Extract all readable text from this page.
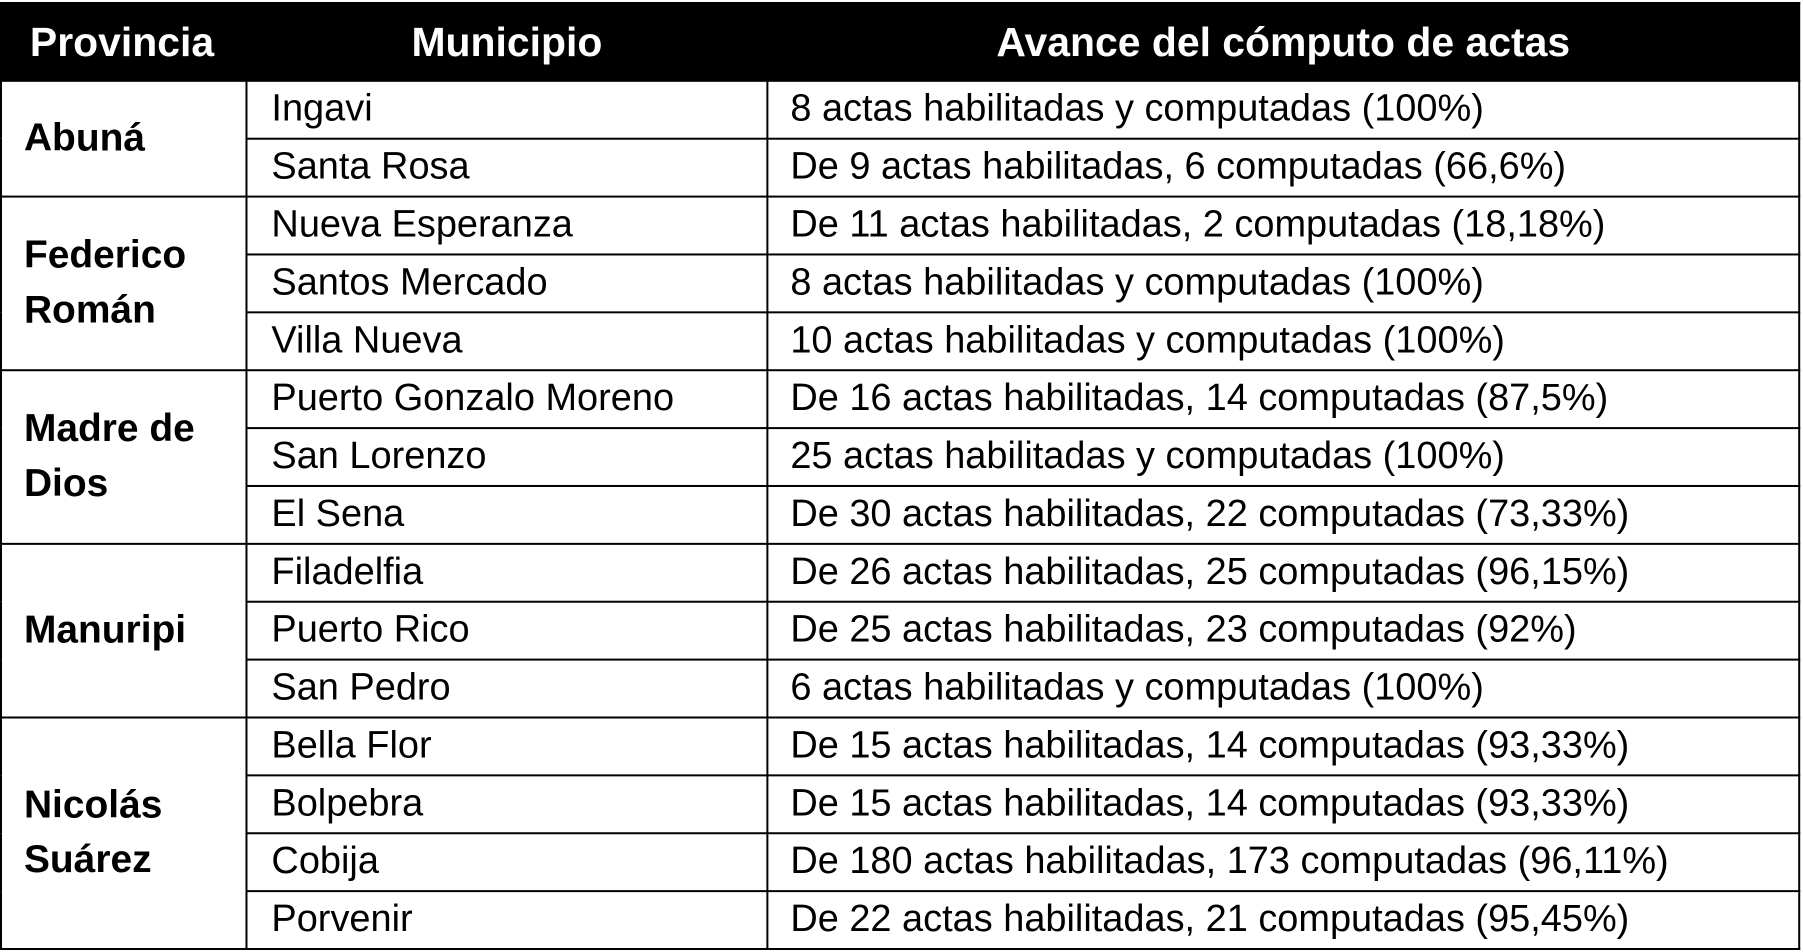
Provincia	Municipio	Avance del cómputo de actas
Abuná	Ingavi	8 actas habilitadas y computadas (100%)
	Santa Rosa	De 9 actas habilitadas, 6 computadas (66,6%)
Federico Román	Nueva Esperanza	De 11 actas habilitadas, 2 computadas (18,18%)
	Santos Mercado	8 actas habilitadas y computadas (100%)
	Villa Nueva	10 actas habilitadas y computadas (100%)
Madre de Dios	Puerto Gonzalo Moreno	De 16 actas habilitadas, 14 computadas (87,5%)
	San Lorenzo	25 actas habilitadas y computadas (100%)
	El Sena	De 30 actas habilitadas, 22 computadas (73,33%)
Manuripi	Filadelfia	De 26 actas habilitadas, 25 computadas (96,15%)
	Puerto Rico	De 25 actas habilitadas, 23 computadas (92%)
	San Pedro	6 actas habilitadas y computadas (100%)
Nicolás Suárez	Bella Flor	De 15 actas habilitadas, 14 computadas (93,33%)
	Bolpebra	De 15 actas habilitadas, 14 computadas (93,33%)
	Cobija	De 180 actas habilitadas, 173 computadas (96,11%)
	Porvenir	De 22 actas habilitadas, 21 computadas (95,45%)
